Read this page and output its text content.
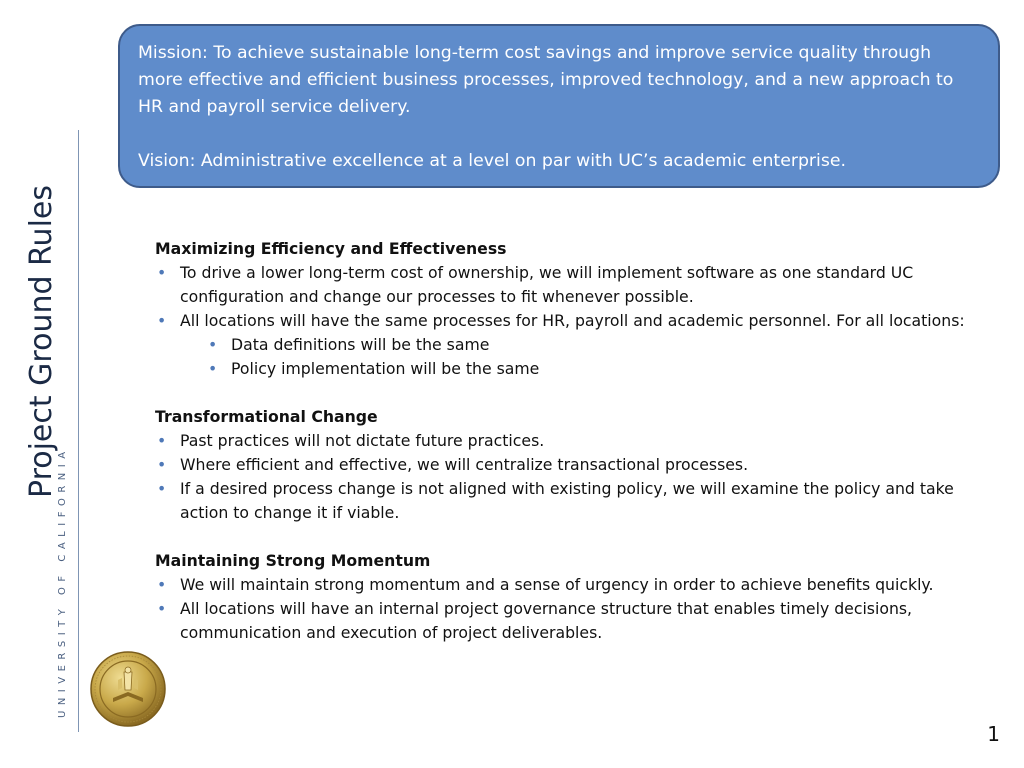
Project Ground Rules
UNIVERSITY OF CALIFORNIA

Mission: To achieve sustainable long-term cost savings and improve service quality through more effective and efficient business processes, improved technology, and a new approach to HR and payroll service delivery.

Vision: Administrative excellence at a level on par with UC’s academic enterprise.

Maximizing Efficiency and Effectiveness

• To drive a lower long-term cost of ownership, we will implement software as one standard UC configuration and change our processes to fit whenever possible.
• All locations will have the same processes for HR, payroll and academic personnel. For all locations:
• Data definitions will be the same
• Policy implementation will be the same

Transformational Change

• Past practices will not dictate future practices.
• Where efficient and effective, we will centralize transactional processes.
• If a desired process change is not aligned with existing policy, we will examine the policy and take action to change it if viable.

Maintaining Strong Momentum

• We will maintain strong momentum and a sense of urgency in order to achieve benefits quickly.
• All locations will have an internal project governance structure that enables timely decisions, communication and execution of project deliverables.
1
